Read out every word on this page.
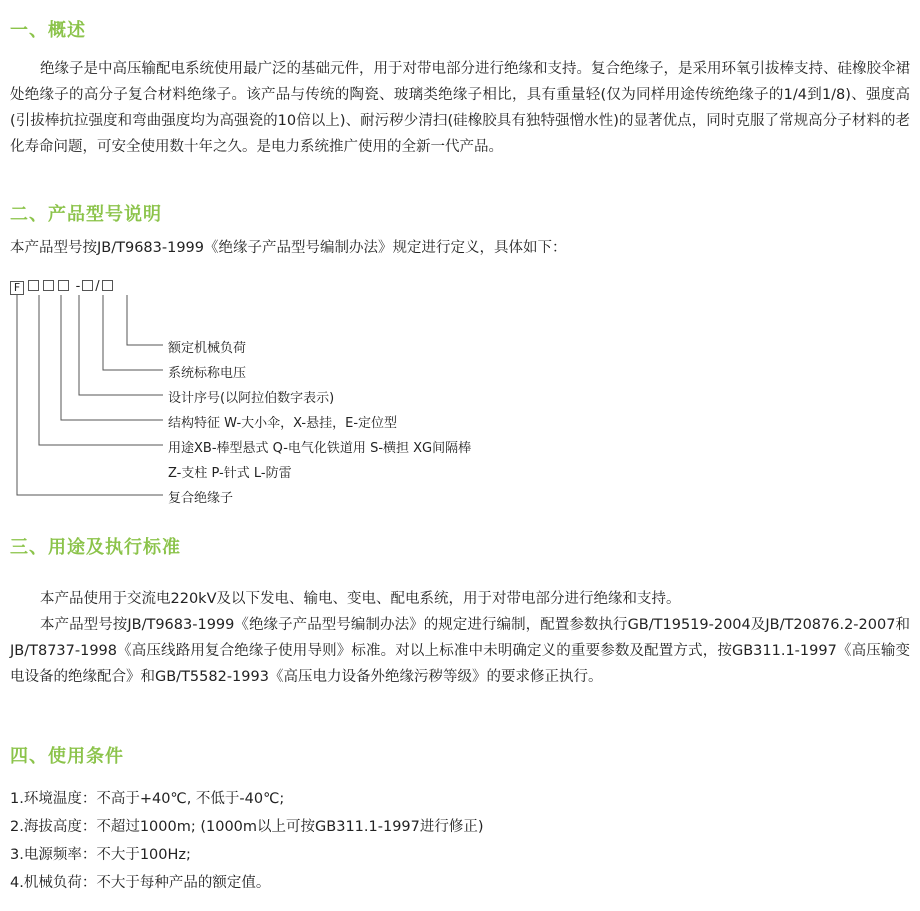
一、概述

绝缘子是中高压输配电系统使用最广泛的基础元件，用于对带电部分进行绝缘和支持。复合绝缘子，是采用环氧引拔棒支持、硅橡胶伞裙处绝缘子的高分子复合材料绝缘子。该产品与传统的陶瓷、玻璃类绝缘子相比，具有重量轻(仅为同样用途传统绝缘子的1/4到1/8)、强度高(引拔棒抗拉强度和弯曲强度均为高强瓷的10倍以上)、耐污秽少清扫(硅橡胶具有独特强憎水性)的显著优点，同时克服了常规高分子材料的老化寿命问题，可安全使用数十年之久。是电力系统推广使用的全新一代产品。

二、产品型号说明
本产品型号按JB/T9683-1999《绝缘子产品型号编制办法》规定进行定义，具体如下：
F	- /
额定机械负荷
系统标称电压
设计序号(以阿拉伯数字表示)
结构特征 W-大小伞，X-悬挂，E-定位型
用途XB-棒型悬式 Q-电气化铁道用 S-横担 XG间隔棒
Z-支柱 P-针式 L-防雷
复合绝缘子
三、用途及执行标准

本产品使用于交流电220kV及以下发电、输电、变电、配电系统，用于对带电部分进行绝缘和支持。

本产品型号按JB/T9683-1999《绝缘子产品型号编制办法》的规定进行编制，配置参数执行GB/T19519-2004及JB/T20876.2-2007和JB/T8737-1998《高压线路用复合绝缘子使用导则》标准。对以上标准中未明确定义的重要参数及配置方式，按GB311.1-1997《高压输变电设备的绝缘配合》和GB/T5582-1993《高压电力设备外绝缘污秽等级》的要求修正执行。

四、使用条件
1.环境温度：不高于+40℃, 不低于-40℃;
2.海拔高度：不超过1000m; (1000m以上可按GB311.1-1997进行修正)
3.电源频率：不大于100Hz;
4.机械负荷：不大于每种产品的额定值。
